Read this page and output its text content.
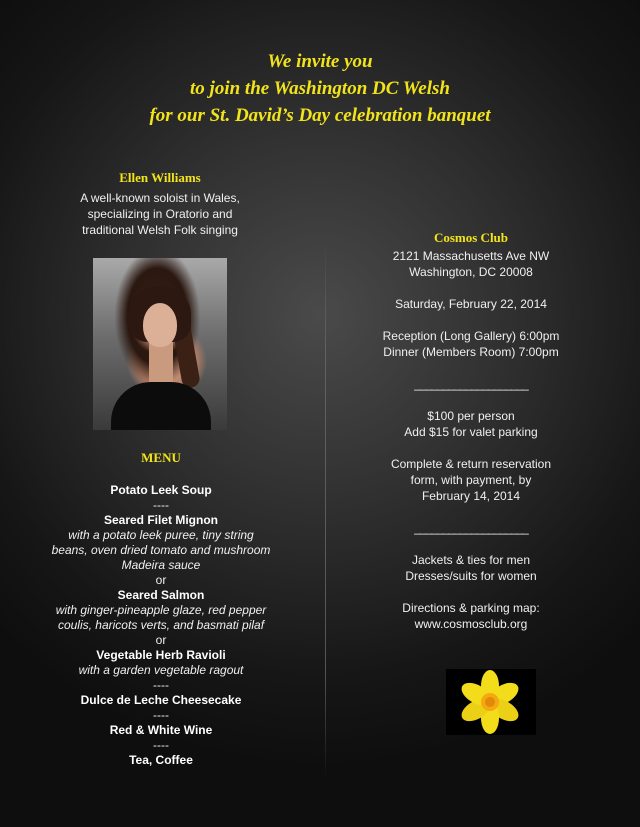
We invite you
to join the Washington DC Welsh
for our St. David’s Day celebration banquet
Ellen Williams
A well-known soloist in Wales,
specializing in Oratorio and
traditional Welsh Folk singing
MENU
Potato Leek Soup
----
Seared Filet Mignon
with a potato leek puree, tiny string beans, oven dried tomato and mushroom Madeira sauce
or
Seared Salmon
with ginger-pineapple glaze, red pepper coulis, haricots verts, and basmati pilaf
or
Vegetable Herb Ravioli
with a garden vegetable ragout
----
Dulce de Leche Cheesecake
----
Red & White Wine
----
Tea, Coffee
Cosmos Club
2121 Massachusetts Ave NW
Washington, DC 20008
Saturday, February 22, 2014
Reception (Long Gallery) 6:00pm
Dinner (Members Room) 7:00pm
____________________
$100 per person
Add $15 for valet parking
Complete & return reservation
form, with payment, by
February 14, 2014
____________________
Jackets & ties for men
Dresses/suits for women
Directions & parking map:
www.cosmosclub.org
